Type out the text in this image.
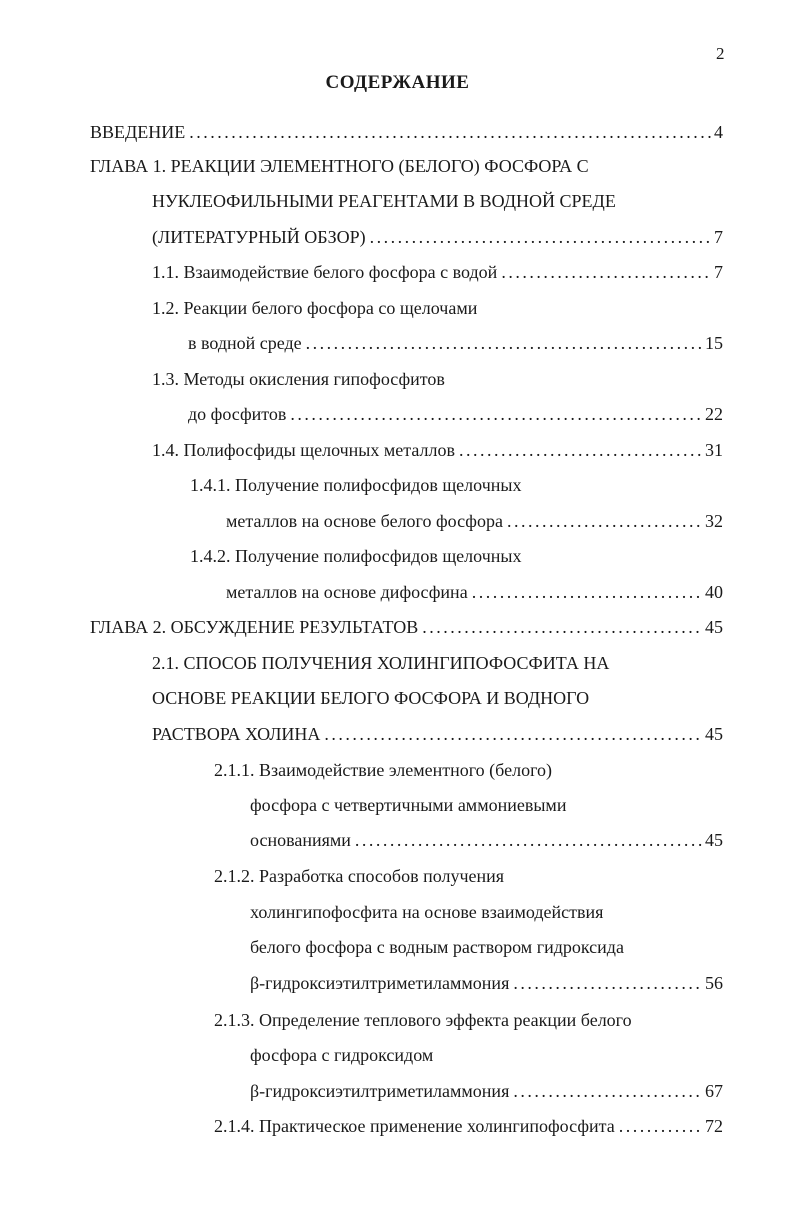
2
СОДЕРЖАНИЕ
ВВЕДЕНИЕ . . .	4
ГЛАВА 1. РЕАКЦИИ ЭЛЕМЕНТНОГО (БЕЛОГО) ФОСФОРА С
НУКЛЕОФИЛЬНЫМИ РЕАГЕНТАМИ В ВОДНОЙ СРЕДЕ
(ЛИТЕРАТУРНЫЙ ОБЗОР) . . .	7
1.1. Взаимодействие белого фосфора с водой . . .	7
1.2. Реакции белого фосфора со щелочами
в водной среде . . .	15
1.3. Методы окисления гипофосфитов
до фосфитов . . .	22
1.4. Полифосфиды щелочных металлов . . .	31
1.4.1. Получение полифосфидов щелочных
металлов на основе белого фосфора . . .	32
1.4.2. Получение полифосфидов щелочных
металлов на основе дифосфина . . .	40
ГЛАВА 2. ОБСУЖДЕНИЕ РЕЗУЛЬТАТОВ . . .	45
2.1. СПОСОБ ПОЛУЧЕНИЯ ХОЛИНГИПОФОСФИТА НА
ОСНОВЕ РЕАКЦИИ БЕЛОГО ФОСФОРА И ВОДНОГО
РАСТВОРА ХОЛИНА . . .	45
2.1.1. Взаимодействие элементного (белого)
фосфора с четвертичными аммониевыми
основаниями . . .	45
2.1.2. Разработка способов получения
холингипофосфита на основе взаимодействия
белого фосфора с водным раствором гидроксида
β-гидроксиэтилтриметиламмония . . .	56
2.1.3. Определение теплового эффекта реакции белого
фосфора с гидроксидом
β-гидроксиэтилтриметиламмония . . .	67
2.1.4. Практическое применение холингипофосфита . . .	72
